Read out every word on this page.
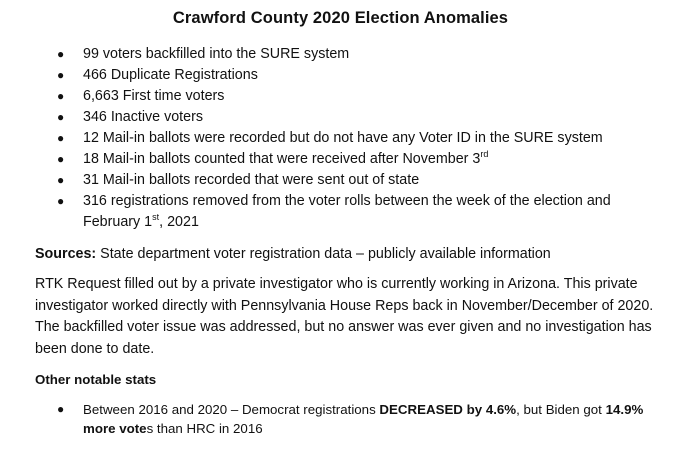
Crawford County 2020 Election Anomalies
● 99 voters backfilled into the SURE system
● 466 Duplicate Registrations
● 6,663 First time voters
● 346 Inactive voters
● 12 Mail-in ballots were recorded but do not have any Voter ID in the SURE system
● 18 Mail-in ballots counted that were received after November 3rd
● 31 Mail-in ballots recorded that were sent out of state
● 316 registrations removed from the voter rolls between the week of the election and February 1st, 2021
Sources: State department voter registration data – publicly available information
RTK Request filled out by a private investigator who is currently working in Arizona. This private investigator worked directly with Pennsylvania House Reps back in November/December of 2020. The backfilled voter issue was addressed, but no answer was ever given and no investigation has been done to date.
Other notable stats
● Between 2016 and 2020 – Democrat registrations DECREASED by 4.6%, but Biden got 14.9% more votes than HRC in 2016
